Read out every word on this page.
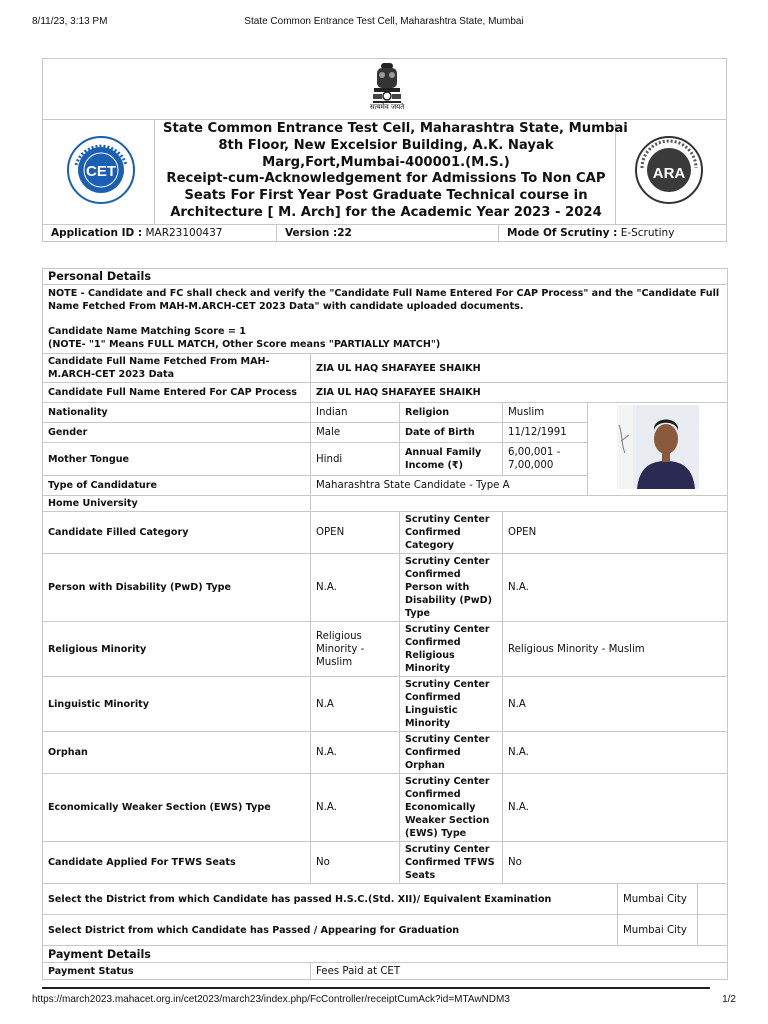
8/11/23, 3:13 PM	State Common Entrance Test Cell, Maharashtra State, Mumbai
सत्यमेव जयते
CET	ARA
State Common Entrance Test Cell, Maharashtra State, Mumbai
8th Floor, New Excelsior Building, A.K. Nayak
Marg,Fort,Mumbai-400001.(M.S.)
Receipt-cum-Acknowledgement for Admissions To Non CAP
Seats For First Year Post Graduate Technical course in
Architecture [ M. Arch] for the Academic Year 2023 - 2024
Application ID : MAR23100437	Version :22	Mode Of Scrutiny : E-Scrutiny
Personal Details						

NOTE - Candidate and FC shall check and verify the "Candidate Full Name Entered For CAP Process" and the "Candidate Full Name Fetched From MAH-M.ARCH-CET 2023 Data" with candidate uploaded documents.
Candidate Name Matching Score = 1
(NOTE- "1" Means FULL MATCH, Other Score means "PARTIALLY MATCH")						

Candidate Full Name Fetched From MAH-M.ARCH-CET 2023 Data	ZIA UL HAQ SHAFAYEE SHAIKH					
Candidate Full Name Entered For CAP Process	ZIA UL HAQ SHAFAYEE SHAIKH					
Nationality	Indian	Religion	Muslim	
Gender	Male	Date of Birth	11/12/1991			
Mother Tongue	Hindi	Annual Family Income (₹)	6,00,001 - 7,00,000			
Type of Candidature	Maharashtra State Candidate - Type A					
Home University						
Candidate Filled Category	OPEN	Scrutiny Center Confirmed Category	OPEN			
Person with Disability (PwD) Type	N.A.	Scrutiny Center Confirmed Person with Disability (PwD) Type	N.A.			
Religious Minority	Religious Minority - Muslim	Scrutiny Center Confirmed Religious Minority	Religious Minority - Muslim			
Linguistic Minority	N.A	Scrutiny Center Confirmed Linguistic Minority	N.A			
Orphan	N.A.	Scrutiny Center Confirmed Orphan	N.A.			
Economically Weaker Section (EWS) Type	N.A.	Scrutiny Center Confirmed Economically Weaker Section (EWS) Type	N.A.			
Candidate Applied For TFWS Seats	No	Scrutiny Center Confirmed TFWS Seats	No			
Select the District from which Candidate has passed H.S.C.(Std. XII)/ Equivalent Examination					Mumbai City	
Select District from which Candidate has Passed / Appearing for Graduation					Mumbai City	
Payment Details						
Payment Status	Fees Paid at CET					
https://march2023.mahacet.org.in/cet2023/march23/index.php/FcController/receiptCumAck?id=MTAwNDM3	1/2
